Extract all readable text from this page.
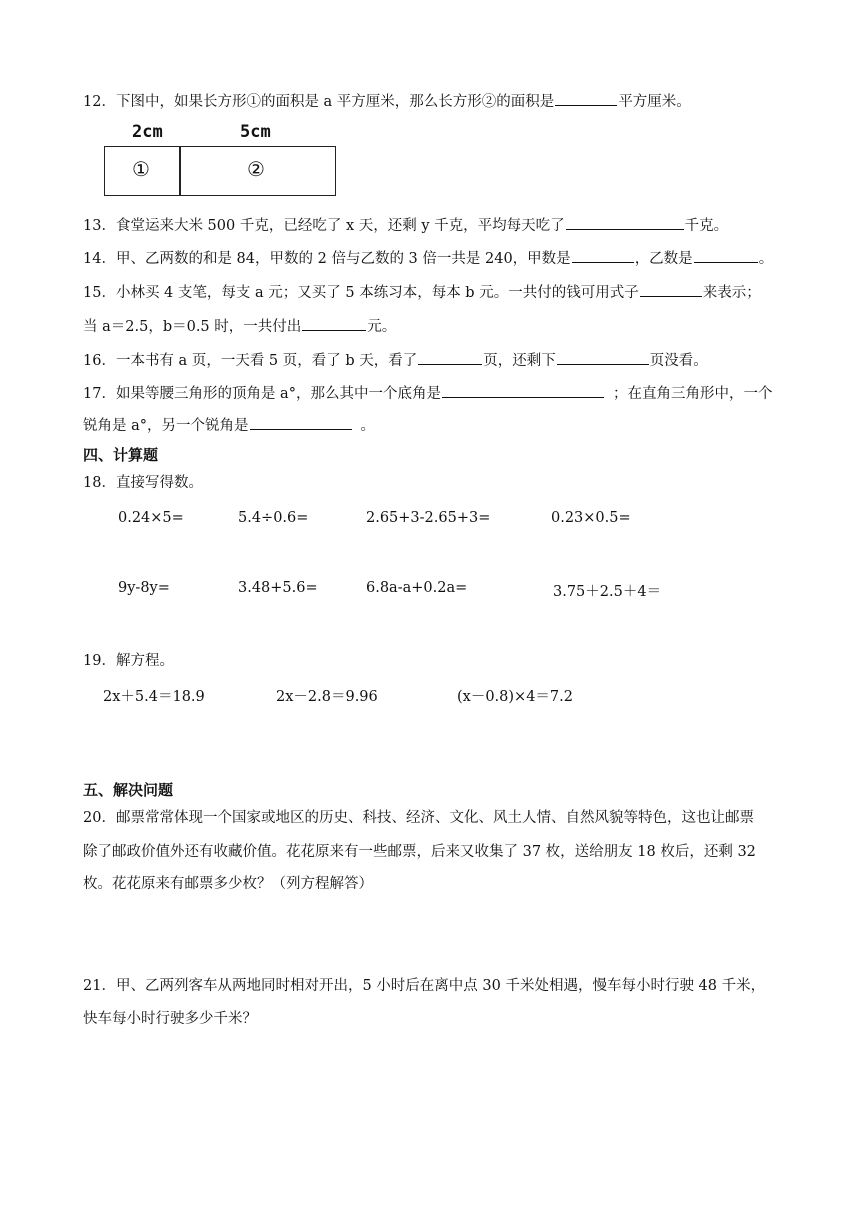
12．下图中，如果长方形①的面积是 a 平方厘米，那么长方形②的面积是	平方厘米。
2cm	5cm
①	②
13．食堂运来大米 500 千克，已经吃了 x 天，还剩 y 千克，平均每天吃了	千克。
14．甲、乙两数的和是 84，甲数的 2 倍与乙数的 3 倍一共是 240，甲数是	，乙数是	。
15．小林买 4 支笔，每支 a 元；又买了 5 本练习本，每本 b 元。一共付的钱可用式子	来表示；
当 a＝2.5，b＝0.5 时，一共付出	元。
16．一本书有 a 页，一天看 5 页，看了 b 天，看了	页，还剩下	页没看。
17．如果等腰三角形的顶角是 a°，那么其中一个底角是	；在直角三角形中，一个
锐角是 a°，另一个锐角是	。
四、计算题
18．直接写得数。
0.24×5=	5.4÷0.6=	2.65+3-2.65+3=	0.23×0.5=
9y-8y=	3.48+5.6=	6.8a-a+0.2a=	3.75＋2.5＋4＝
19．解方程。
2x＋5.4＝18.9	2x－2.8＝9.96	(x－0.8)×4＝7.2
五、解决问题
20．邮票常常体现一个国家或地区的历史、科技、经济、文化、风土人情、自然风貌等特色，这也让邮票
除了邮政价值外还有收藏价值。花花原来有一些邮票，后来又收集了 37 枚，送给朋友 18 枚后，还剩 32
枚。花花原来有邮票多少枚？（列方程解答）
21．甲、乙两列客车从两地同时相对开出，5 小时后在离中点 30 千米处相遇，慢车每小时行驶 48 千米，
快车每小时行驶多少千米？
